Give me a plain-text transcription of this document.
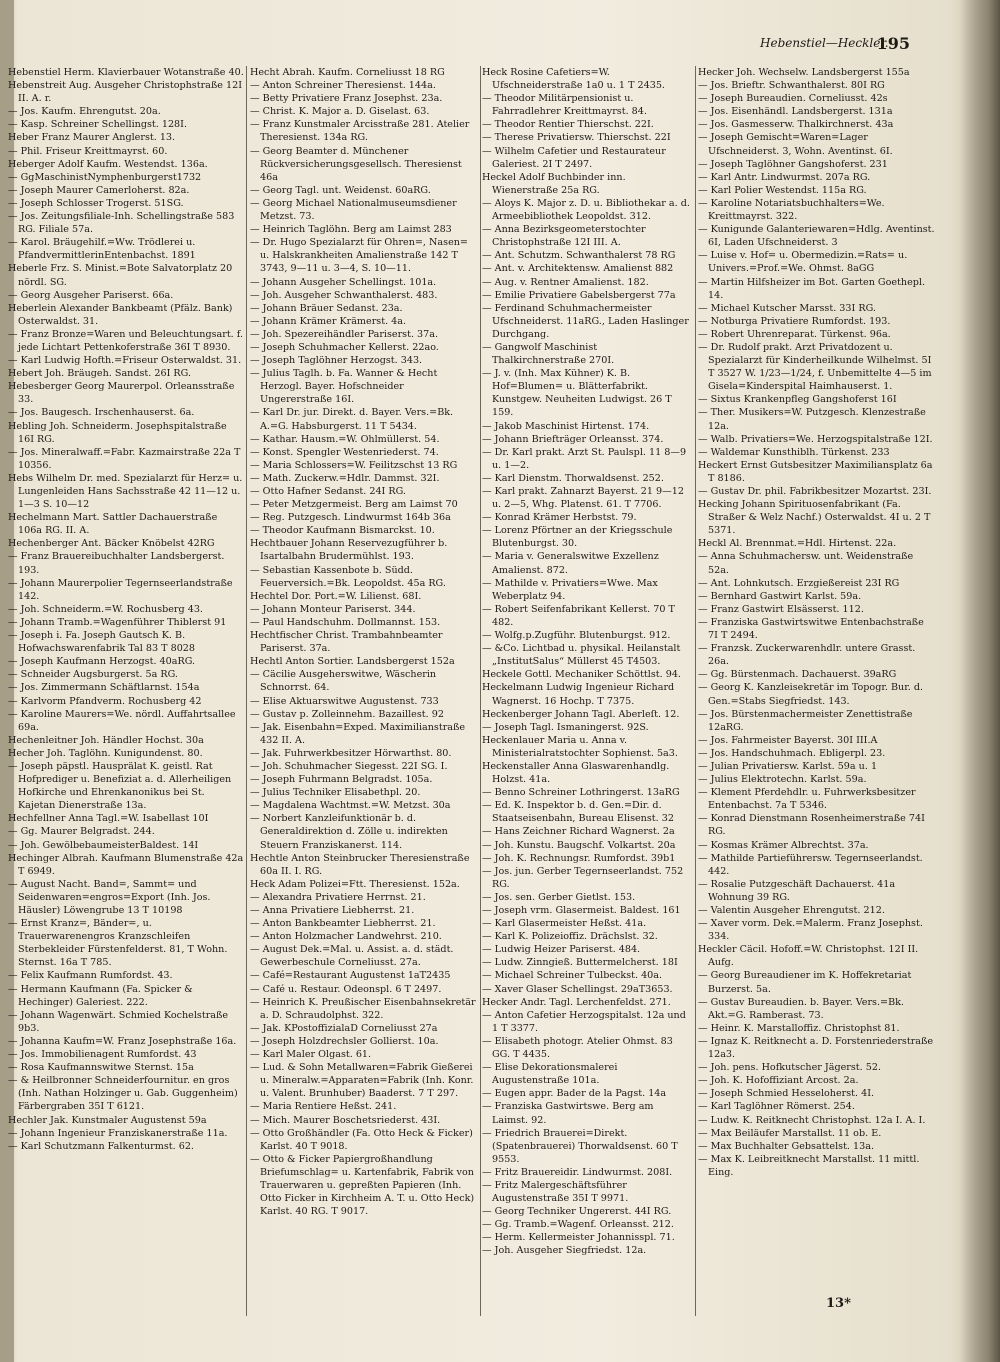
Hebenstiel—Heckler.
195
Hebenstiel Herm. Klavierbauer Wotanstraße 40.
Hebenstreit Aug. Ausgeher Christophstraße 12I II. A. r.
— Jos. Kaufm. Ehrengutst. 20a.
— Kasp. Schreiner Schellingst. 128I.
Heber Franz Maurer Anglerst. 13.
— Phil. Friseur Kreittmayrst. 60.
Heberger Adolf Kaufm. Westendst. 136a.
— GgMaschinistNymphenburgerst1732
— Joseph Maurer Camerloherst. 82a.
— Joseph Schlosser Trogerst. 51SG.
— Jos. Zeitungsfiliale-Inh. Schellingstraße 583 RG. Filiale 57a.
— Karol. Bräugehilf.=Ww. Trödlerei u. PfandvermittlerinEntenbachst. 1891
Heberle Frz. S. Minist.=Bote Salvatorplatz 20 nördl. SG.
— Georg Ausgeher Pariserst. 66a.
Heberlein Alexander Bankbeamt (Pfälz. Bank) Osterwaldst. 31.
— Franz Bronze=Waren und Beleuchtungsart. f. jede Lichtart Pettenkoferstraße 36I T 8930.
— Karl Ludwig Hofth.=Friseur Osterwaldst. 31.
Hebert Joh. Bräugeh. Sandst. 26I RG.
Hebesberger Georg Maurerpol. Orleansstraße 33.
— Jos. Baugesch. Irschenhauserst. 6a.
Hebling Joh. Schneiderm. Josephspitalstraße 16I RG.
— Jos. Mineralwaff.=Fabr. Kazmairstraße 22a T 10356.
Hebs Wilhelm Dr. med. Spezialarzt für Herz= u. Lungenleiden Hans Sachsstraße 42 11—12 u. 1—3 S. 10—12
Hechelmann Mart. Sattler Dachauerstraße 106a RG. II. A.
Hechenberger Ant. Bäcker Knöbelst 42RG
— Franz Brauereibuchhalter Landsbergerst. 193.
— Johann Maurerpolier Tegernseerlandstraße 142.
— Joh. Schneiderm.=W. Rochusberg 43.
— Johann Tramb.=Wagenführer Thiblerst 91
— Joseph i. Fa. Joseph Gautsch K. B. Hofwachswarenfabrik Tal 83 T 8028
— Joseph Kaufmann Herzogst. 40aRG.
— Schneider Augsburgerst. 5a RG.
— Jos. Zimmermann Schäftlarnst. 154a
— Karlvorm Pfandverm. Rochusberg 42
— Karoline Maurers=We. nördl. Auffahrtsallee 69a.
Hechenleitner Joh. Händler Hochst. 30a
Hecher Joh. Taglöhn. Kunigundenst. 80.
— Joseph päpstl. Hausprälat K. geistl. Rat Hofprediger u. Benefiziat a. d. Allerheiligen Hofkirche und Ehrenkanonikus bei St. Kajetan Dienerstraße 13a.
Hechfellner Anna Tagl.=W. Isabellast 10I
— Gg. Maurer Belgradst. 244.
— Joh. GewölbebaumeisterBaldest. 14I
Hechinger Albrah. Kaufmann Blumenstraße 42a T 6949.
— August Nacht. Band=, Sammt= und Seidenwaren=engros=Export (Inh. Jos. Häusler) Löwengrube 13 T 10198
— Ernst Kranz=, Bänder=, u. Trauerwarenengros Kranzschleifen Sterbekleider Fürstenfelderst. 81, T Wohn. Sternst. 16a T 785.
— Felix Kaufmann Rumfordst. 43.
— Hermann Kaufmann (Fa. Spicker & Hechinger) Galeriest. 222.
— Johann Wagenwärt. Schmied Kochelstraße 9b3.
— Johanna Kaufm=W. Franz Josephstraße 16a.
— Jos. Immobilienagent Rumfordst. 43
— Rosa Kaufmannswitwe Sternst. 15a
— & Heilbronner Schneiderfournitur. en gros (Inh. Nathan Holzinger u. Gab. Guggenheim) Färbergraben 35I T 6121.
Hechler Jak. Kunstmaler Augustenst 59a
— Johann Ingenieur Franziskanerstraße 11a.
— Karl Schutzmann Falkenturmst. 62.
Hecht Abrah. Kaufm. Corneliusst 18 RG
— Anton Schreiner Theresienst. 144a.
— Betty Privatiere Franz Josephst. 23a.
— Christ. K. Major a. D. Giselast. 63.
— Franz Kunstmaler Arcisstraße 281. Atelier Theresienst. 134a RG.
— Georg Beamter d. Münchener Rückversicherungsgesellsch. Theresienst 46a
— Georg Tagl. unt. Weidenst. 60aRG.
— Georg Michael Nationalmuseumsdiener Metzst. 73.
— Heinrich Taglöhn. Berg am Laimst 283
— Dr. Hugo Spezialarzt für Ohren=, Nasen= u. Halskrankheiten Amalienstraße 142 T 3743, 9—11 u. 3—4, S. 10—11.
— Johann Ausgeher Schellingst. 101a.
— Joh. Ausgeher Schwanthalerst. 483.
— Johann Bräuer Sedanst. 23a.
— Johann Krämer Krämerst. 4a.
— Joh. Spezereihändler Pariserst. 37a.
— Joseph Schuhmacher Kellerst. 22ao.
— Joseph Taglöhner Herzogst. 343.
— Julius Taglh. b. Fa. Wanner & Hecht Herzogl. Bayer. Hofschneider Ungererstraße 16I.
— Karl Dr. jur. Direkt. d. Bayer. Vers.=Bk. A.=G. Habsburgerst. 11 T 5434.
— Kathar. Hausm.=W. Ohlmüllerst. 54.
— Konst. Spengler Westenriederst. 74.
— Maria Schlossers=W. Feilitzschst 13 RG
— Math. Zuckerw.=Hdlr. Dammst. 32I.
— Otto Hafner Sedanst. 24I RG.
— Peter Metzgermeist. Berg am Laimst 70
— Reg. Putzgesch. Lindwurmst 164b 36a
— Theodor Kaufmann Bismarckst. 10.
Hechtbauer Johann Reservezugführer b. Isartalbahn Brudermühlst. 193.
— Sebastian Kassenbote b. Südd. Feuerversich.=Bk. Leopoldst. 45a RG.
Hechtel Dor. Port.=W. Lilienst. 68I.
— Johann Monteur Pariserst. 344.
— Paul Handschuhm. Dollmannst. 153.
Hechtfischer Christ. Trambahnbeamter Pariserst. 37a.
Hechtl Anton Sortier. Landsbergerst 152a
— Cäcilie Ausgeherswitwe, Wäscherin Schnorrst. 64.
— Elise Aktuarswitwe Augustenst. 733
— Gustav p. Zolleinnehm. Bazaillest. 92
— Jak. Eisenbahn=Exped. Maximilianstraße 432 II. A.
— Jak. Fuhrwerkbesitzer Hörwarthst. 80.
— Joh. Schuhmacher Siegesst. 22I SG. I.
— Joseph Fuhrmann Belgradst. 105a.
— Julius Techniker Elisabethpl. 20.
— Magdalena Wachtmst.=W. Metzst. 30a
— Norbert Kanzleifunktionär b. d. Generaldirektion d. Zölle u. indirekten Steuern Franziskanerst. 114.
Hechtle Anton Steinbrucker Theresienstraße 60a II. I. RG.
Heck Adam Polizei=Ftt. Theresienst. 152a.
— Alexandra Privatiere Herrnst. 21.
— Anna Privatiere Liebherrst. 21.
— Anton Bankbeamter Liebherrst. 21.
— Anton Holzmacher Landwehrst. 210.
— August Dek.=Mal. u. Assist. a. d. städt. Gewerbeschule Corneliusst. 27a.
— Café=Restaurant Augustenst 1aT2435
— Café u. Restaur. Odeonspl. 6 T 2497.
— Heinrich K. Preußischer Eisenbahnsekretär a. D. Schraudolphst. 322.
— Jak. KPostoffizialaD Corneliusst 27a
— Joseph Holzdrechsler Gollierst. 10a.
— Karl Maler Olgast. 61.
— Lud. & Sohn Metallwaren=Fabrik Gießerei u. Mineralw.=Apparaten=Fabrik (Inh. Konr. u. Valent. Brunhuber) Baaderst. 7 T 297.
— Maria Rentiere Heßst. 241.
— Mich. Maurer Boschetsriederst. 43I.
— Otto Großhändler (Fa. Otto Heck & Ficker) Karlst. 40 T 9018.
— Otto & Ficker Papiergroßhandlung Briefumschlag= u. Kartenfabrik, Fabrik von Trauerwaren u. gepreßten Papieren (Inh. Otto Ficker in Kirchheim A. T. u. Otto Heck) Karlst. 40 RG. T 9017.
Heck Rosine Cafetiers=W. Ufschneiderstraße 1a0 u. 1 T 2435.
— Theodor Militärpensionist u. Fahrradlehrer Kreittmayrst. 84.
— Theodor Rentier Thierschst. 22I.
— Therese Privatiersw. Thierschst. 22I
— Wilhelm Cafetier und Restaurateur Galeriest. 2I T 2497.
Heckel Adolf Buchbinder inn. Wienerstraße 25a RG.
— Aloys K. Major z. D. u. Bibliothekar a. d. Armeebibliothek Leopoldst. 312.
— Anna Bezirksgeometerstochter Christophstraße 12I III. A.
— Ant. Schutzm. Schwanthalerst 78 RG
— Ant. v. Architektensw. Amalienst 882
— Aug. v. Rentner Amalienst. 182.
— Emilie Privatiere Gabelsbergerst 77a
— Ferdinand Schuhmachermeister Ufschneiderst. 11aRG., Laden Haslinger Durchgang.
— Gangwolf Maschinist Thalkirchnerstraße 270I.
— J. v. (Inh. Max Kühner) K. B. Hof=Blumen= u. Blätterfabrikt. Kunstgew. Neuheiten Ludwigst. 26 T 159.
— Jakob Maschinist Hirtenst. 174.
— Johann Briefträger Orleansst. 374.
— Dr. Karl prakt. Arzt St. Paulspl. 11 8—9 u. 1—2.
— Karl Dienstm. Thorwaldsenst. 252.
— Karl prakt. Zahnarzt Bayerst. 21 9—12 u. 2—5, Whg. Platenst. 61. T 7706.
— Konrad Krämer Herbstst. 79.
— Lorenz Pförtner an der Kriegsschule Blutenburgst. 30.
— Maria v. Generalswitwe Exzellenz Amalienst. 872.
— Mathilde v. Privatiers=Wwe. Max Weberplatz 94.
— Robert Seifenfabrikant Kellerst. 70 T 482.
— Wolfg.p.Zugführ. Blutenburgst. 912.
— &Co. Lichtbad u. physikal. Heilanstalt „InstitutSalus“ Müllerst 45 T4503.
Heckele Gottl. Mechaniker Schöttlst. 94.
Heckelmann Ludwig Ingenieur Richard Wagnerst. 16 Hochp. T 7375.
Heckenberger Johann Tagl. Aberleſt. 12.
— Joseph Tagl. Ismaningerst. 92S.
Heckenlauer Maria u. Anna v. Ministerialratstochter Sophienst. 5a3.
Heckenstaller Anna Glaswarenhandlg. Holzst. 41a.
— Benno Schreiner Lothringerst. 13aRG
— Ed. K. Inspektor b. d. Gen.=Dir. d. Staatseisenbahn, Bureau Elisenst. 32
— Hans Zeichner Richard Wagnerst. 2a
— Joh. Kunstu. Baugschf. Volkartst. 20a
— Joh. K. Rechnungsr. Rumfordst. 39b1
— Jos. jun. Gerber Tegernseerlandst. 752 RG.
— Jos. sen. Gerber Gietlst. 153.
— Joseph vrm. Glasermeist. Baldest. 161
— Karl Glasermeister Heßst. 41a.
— Karl K. Polizeioffiz. Drächslst. 32.
— Ludwig Heizer Pariserst. 484.
— Ludw. Zinngieß. Buttermelcherst. 18I
— Michael Schreiner Tulbeckst. 40a.
— Xaver Glaser Schellingst. 29aT3653.
Hecker Andr. Tagl. Lerchenfeldst. 271.
— Anton Cafetier Herzogspitalst. 12a und 1 T 3377.
— Elisabeth photogr. Atelier Ohmst. 83 GG. T 4435.
— Elise Dekorationsmalerei Augustenstraße 101a.
— Eugen appr. Bader de la Pagst. 14a
— Franziska Gastwirtswe. Berg am Laimst. 92.
— Friedrich Brauerei=Direkt. (Spatenbrauerei) Thorwaldsenst. 60 T 9553.
— Fritz Brauereidir. Lindwurmst. 208I.
— Fritz Malergeschäftsführer Augustenstraße 35I T 9971.
— Georg Techniker Ungererst. 44I RG.
— Gg. Tramb.=Wagenf. Orleansst. 212.
— Herm. Kellermeister Johannisspl. 71.
— Joh. Ausgeher Siegfriedst. 12a.
Hecker Joh. Wechselw. Landsbergerst 155a
— Jos. Brieftr. Schwanthalerst. 80I RG
— Joseph Bureaudien. Corneliusst. 42s
— Jos. Eisenhändl. Landsbergerst. 131a
— Jos. Gasmesserw. Thalkirchnerst. 43a
— Joseph Gemischt=Waren=Lager Ufschneiderst. 3, Wohn. Aventinst. 6I.
— Joseph Taglöhner Gangshoferst. 231
— Karl Antr. Lindwurmst. 207a RG.
— Karl Polier Westendst. 115a RG.
— Karoline Notariatsbuchhalters=We. Kreittmayrst. 322.
— Kunigunde Galanteriewaren=Hdlg. Aventinst. 6I, Laden Ufschneiderst. 3
— Luise v. Hof= u. Obermedizin.=Rats= u. Univers.=Prof.=We. Ohmst. 8aGG
— Martin Hilfsheizer im Bot. Garten Goethepl. 14.
— Michael Kutscher Marsst. 33I RG.
— Notburga Privatiere Rumfordst. 193.
— Robert Uhrenreparat. Türkenst. 96a.
— Dr. Rudolf prakt. Arzt Privatdozent u. Spezialarzt für Kinderheilkunde Wilhelmst. 5I T 3527 W. 1/23—1/24, f. Unbemittelte 4—5 im Gisela=Kinderspital Haimhauserst. 1.
— Sixtus Krankenpfleg Gangshoferst 16I
— Ther. Musikers=W. Putzgesch. Klenzestraße 12a.
— Walb. Privatiers=We. Herzogspitalstraße 12I.
— Waldemar Kunsthiblh. Türkenst. 233
Heckert Ernst Gutsbesitzer Maximiliansplatz 6a T 8186.
— Gustav Dr. phil. Fabrikbesitzer Mozartst. 23I.
Hecking Johann Spirituosenfabrikant (Fa. Straßer & Welz Nachf.) Osterwaldst. 4I u. 2 T 5371.
Heckl Al. Brennmat.=Hdl. Hirtenst. 22a.
— Anna Schuhmachersw. unt. Weidenstraße 52a.
— Ant. Lohnkutsch. Erzgießereist 23I RG
— Bernhard Gastwirt Karlst. 59a.
— Franz Gastwirt Elsässerst. 112.
— Franziska Gastwirtswitwe Entenbachstraße 7I T 2494.
— Franzsk. Zuckerwarenhdlr. untere Grasst. 26a.
— Gg. Bürstenmach. Dachauerst. 39aRG
— Georg K. Kanzleisekretär im Topogr. Bur. d. Gen.=Stabs Siegfriedst. 143.
— Jos. Bürstenmachermeister Zenettistraße 12aRG.
— Jos. Fahrmeister Bayerst. 30I III.A
— Jos. Handschuhmach. Ebligerpl. 23.
— Julian Privatiersw. Karlst. 59a u. 1
— Julius Elektrotechn. Karlst. 59a.
— Klement Pferdehdlr. u. Fuhrwerksbesitzer Entenbachst. 7a T 5346.
— Konrad Dienstmann Rosenheimerstraße 74I RG.
— Kosmas Krämer Albrechtst. 37a.
— Mathilde Partieführersw. Tegernseerlandst. 442.
— Rosalie Putzgeschäft Dachauerst. 41a Wohnung 39 RG.
— Valentin Ausgeher Ehrengutst. 212.
— Xaver vorm. Dek.=Malerm. Franz Josephst. 334.
Heckler Cäcil. Hofoff.=W. Christophst. 12I II. Aufg.
— Georg Bureaudiener im K. Hoffekretariat Burzerst. 5a.
— Gustav Bureaudien. b. Bayer. Vers.=Bk. Akt.=G. Ramberast. 73.
— Heinr. K. Marstalloffiz. Christophst 81.
— Ignaz K. Reitknecht a. D. Forstenriederstraße 12a3.
— Joh. pens. Hofkutscher Jägerst. 52.
— Joh. K. Hofoffiziant Arcost. 2a.
— Joseph Schmied Hesseloherst. 4I.
— Karl Taglöhner Römerst. 254.
— Ludw. K. Reitknecht Christophst. 12a I. A. I.
— Max Beiläufer Marstallst. 11 ob. E.
— Max Buchhalter Gebsattelst. 13a.
— Max K. Leibreitknecht Marstallst. 11 mittl. Eing.
13*
